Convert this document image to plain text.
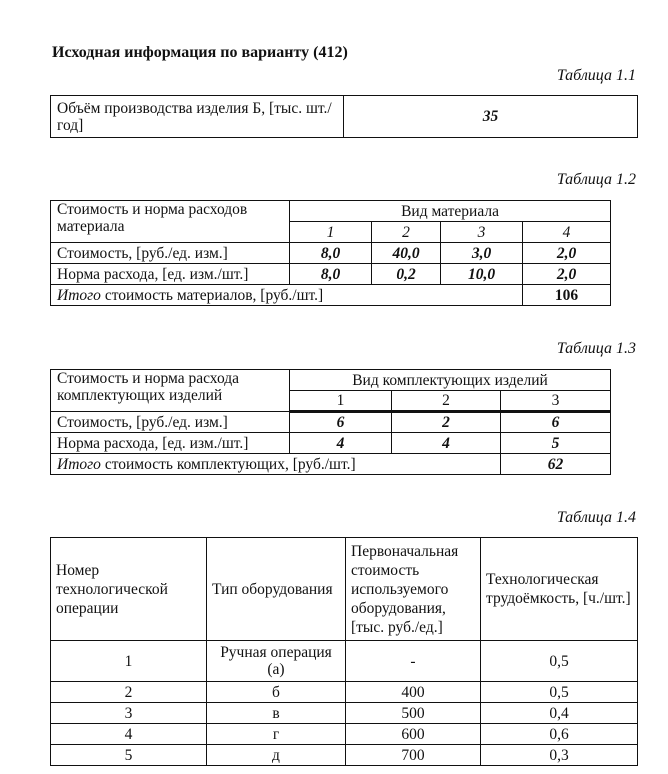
Исходная информация по варианту (412)
Таблица 1.1
Объём производства изделия Б, [тыс. шт./год]	35
Таблица 1.2
Стоимость и норма расходов материала	Вид материала			
	1	2	3	4
Стоимость, [руб./ед. изм.]	8,0	40,0	3,0	2,0
Норма расхода, [ед. изм./шт.]	8,0	0,2	10,0	2,0
Итого стоимость материалов, [руб./шт.]				106
Таблица 1.3
Стоимость и норма расхода комплектующих изделий	Вид комплектующих изделий		
	1	2	3
Стоимость, [руб./ед. изм.]	6	2	6
Норма расхода, [ед. изм./шт.]	4	4	5
Итого стоимость комплектующих, [руб./шт.]			62
Таблица 1.4
Номер технологической операции	Тип оборудования	Первоначальная стоимость используемого оборудования, [тыс. руб./ед.]	Технологическая трудоёмкость, [ч./шт.]
1	Ручная операция (а)	-	0,5
2	б	400	0,5
3	в	500	0,4
4	г	600	0,6
5	д	700	0,3
